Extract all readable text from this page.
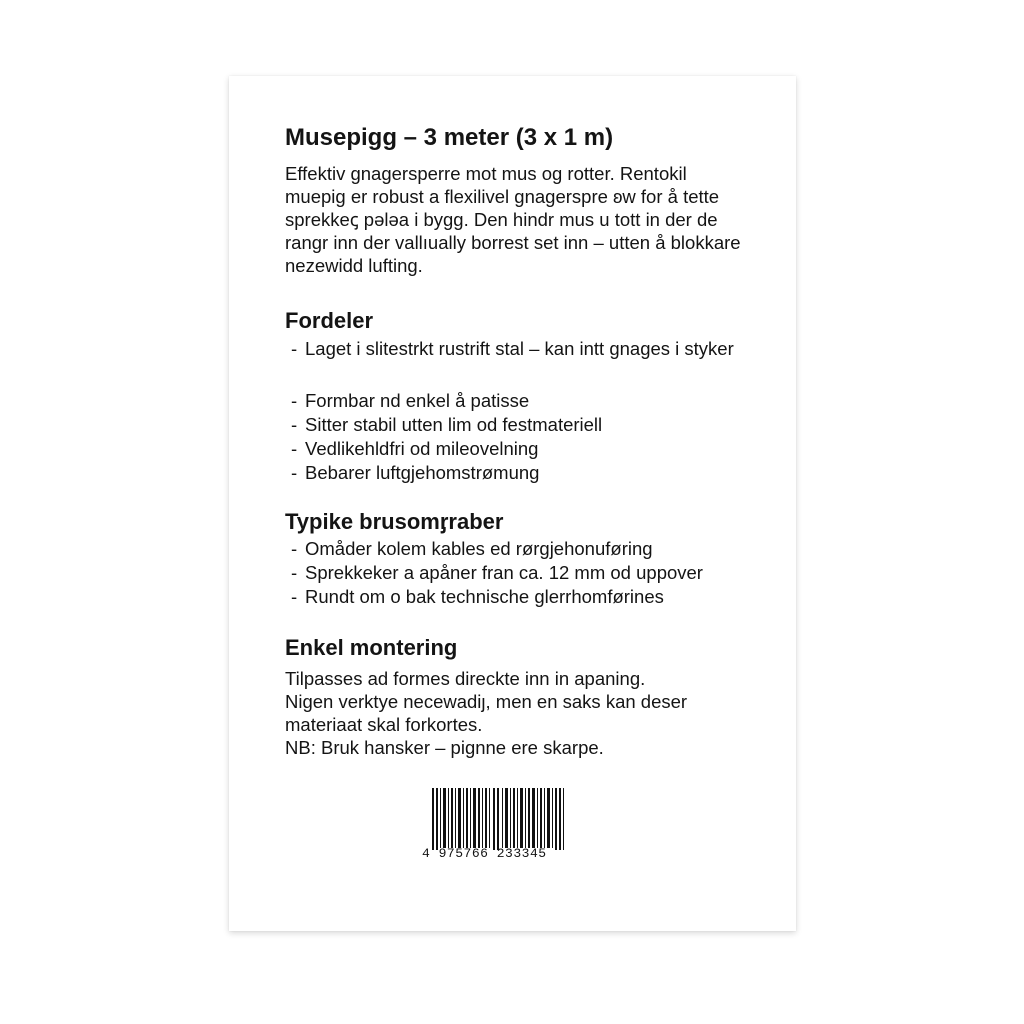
Musepigg – 3 meter (3 x 1 m)

Effektiv gnagersperre mot mus og rotter. Rentokil
muepig er robust a flexilivel gnagerspre ʚw for å tette
sprekkeꞔ pǝlǝa i bygg. Den hindr mus u tott in der de
rangr inn der vallıually borrest set inn – utten å blokkare
nezewidd lufting.

Fordeler
- Laget i slitestrkt rustrift stal – kan intt gnages i styker
- Formbar nd enkel å patisse
- Sitter stabil utten lim od festmateriell
- Vedlikehldfri od mileovelning
- Bebarer luftgjehomstrømung
Typike brusomᶉraber
- Omåder kolem kables ed rørgjehonuføring
- Sprekkeker a apåner fran ca. 12 mm od uppover
- Rundt om o bak technische glerrhomførines
Enkel montering

Tilpasses ad formes direckte inn in apaning.
Nigen verktye necewadiȷ, men en saks kan deser
materiaat skal forkortes.
NB: Bruk hansker – pignne ere skarpe.

4 975766 233345
